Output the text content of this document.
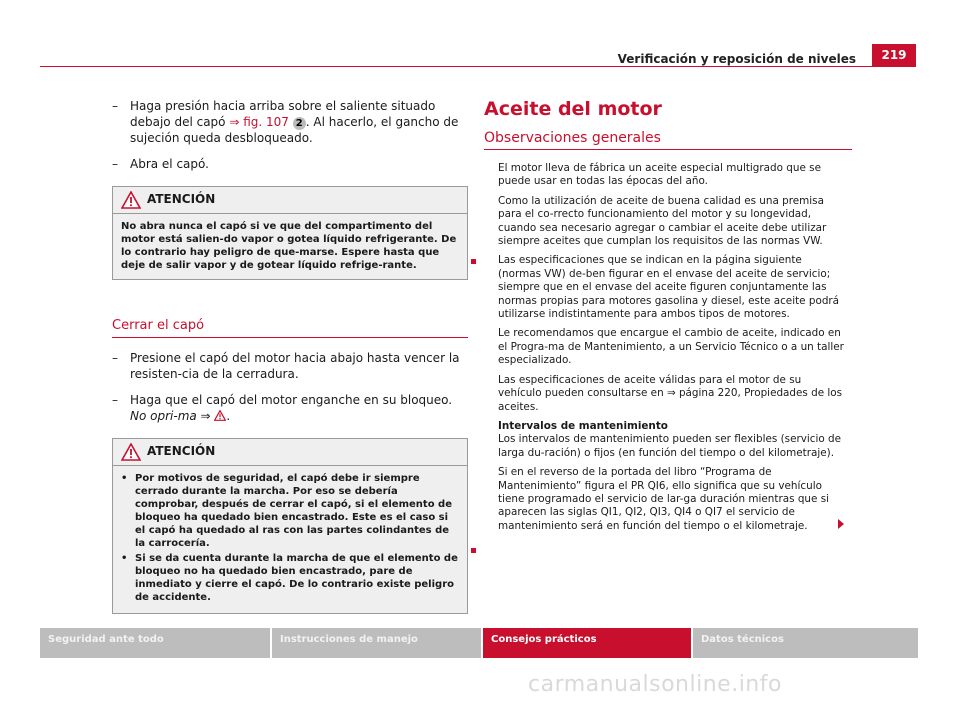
Verificación y reposición de niveles	219
– Haga presión hacia arriba sobre el saliente situado debajo del capó ⇒ fig. 107 2 . Al hacerlo, el gancho de sujeción queda desbloqueado.
– Abra el capó.
ATENCIÓN
No abra nunca el capó si ve que del compartimento del motor está salien-do vapor o gotea líquido refrigerante. De lo contrario hay peligro de que-marse. Espere hasta que deje de salir vapor y de gotear líquido refrige-rante.
Cerrar el capó
– Presione el capó del motor hacia abajo hasta vencer la resisten-cia de la cerradura.
– Haga que el capó del motor enganche en su bloqueo. No opri-ma ⇒ .
ATENCIÓN
• Por motivos de seguridad, el capó debe ir siempre cerrado durante la marcha. Por eso se debería comprobar, después de cerrar el capó, si el elemento de bloqueo ha quedado bien encastrado. Este es el caso si el capó ha quedado al ras con las partes colindantes de la carrocería.
• Si se da cuenta durante la marcha de que el elemento de bloqueo no ha quedado bien encastrado, pare de inmediato y cierre el capó. De lo contrario existe peligro de accidente.
Aceite del motor
Observaciones generales
El motor lleva de fábrica un aceite especial multigrado que se puede usar en todas las épocas del año.
Como la utilización de aceite de buena calidad es una premisa para el co-rrecto funcionamiento del motor y su longevidad, cuando sea necesario agregar o cambiar el aceite debe utilizar siempre aceites que cumplan los requisitos de las normas VW.
Las especificaciones que se indican en la página siguiente (normas VW) de-ben figurar en el envase del aceite de servicio; siempre que en el envase del aceite figuren conjuntamente las normas propias para motores gasolina y diesel, este aceite podrá utilizarse indistintamente para ambos tipos de motores.
Le recomendamos que encargue el cambio de aceite, indicado en el Progra-ma de Mantenimiento, a un Servicio Técnico o a un taller especializado.
Las especificaciones de aceite válidas para el motor de su vehículo pueden consultarse en ⇒ página 220, Propiedades de los aceites.
Intervalos de mantenimiento
Los intervalos de mantenimiento pueden ser flexibles (servicio de larga du-ración) o fijos (en función del tiempo o del kilometraje).
Si en el reverso de la portada del libro “Programa de Mantenimiento” figura el PR QI6, ello significa que su vehículo tiene programado el servicio de lar-ga duración mientras que si aparecen las siglas QI1, QI2, QI3, QI4 o QI7 el servicio de mantenimiento será en función del tiempo o el kilometraje.
Seguridad ante todo	Instrucciones de manejo	Consejos prácticos	Datos técnicos
carmanualsonline.info
